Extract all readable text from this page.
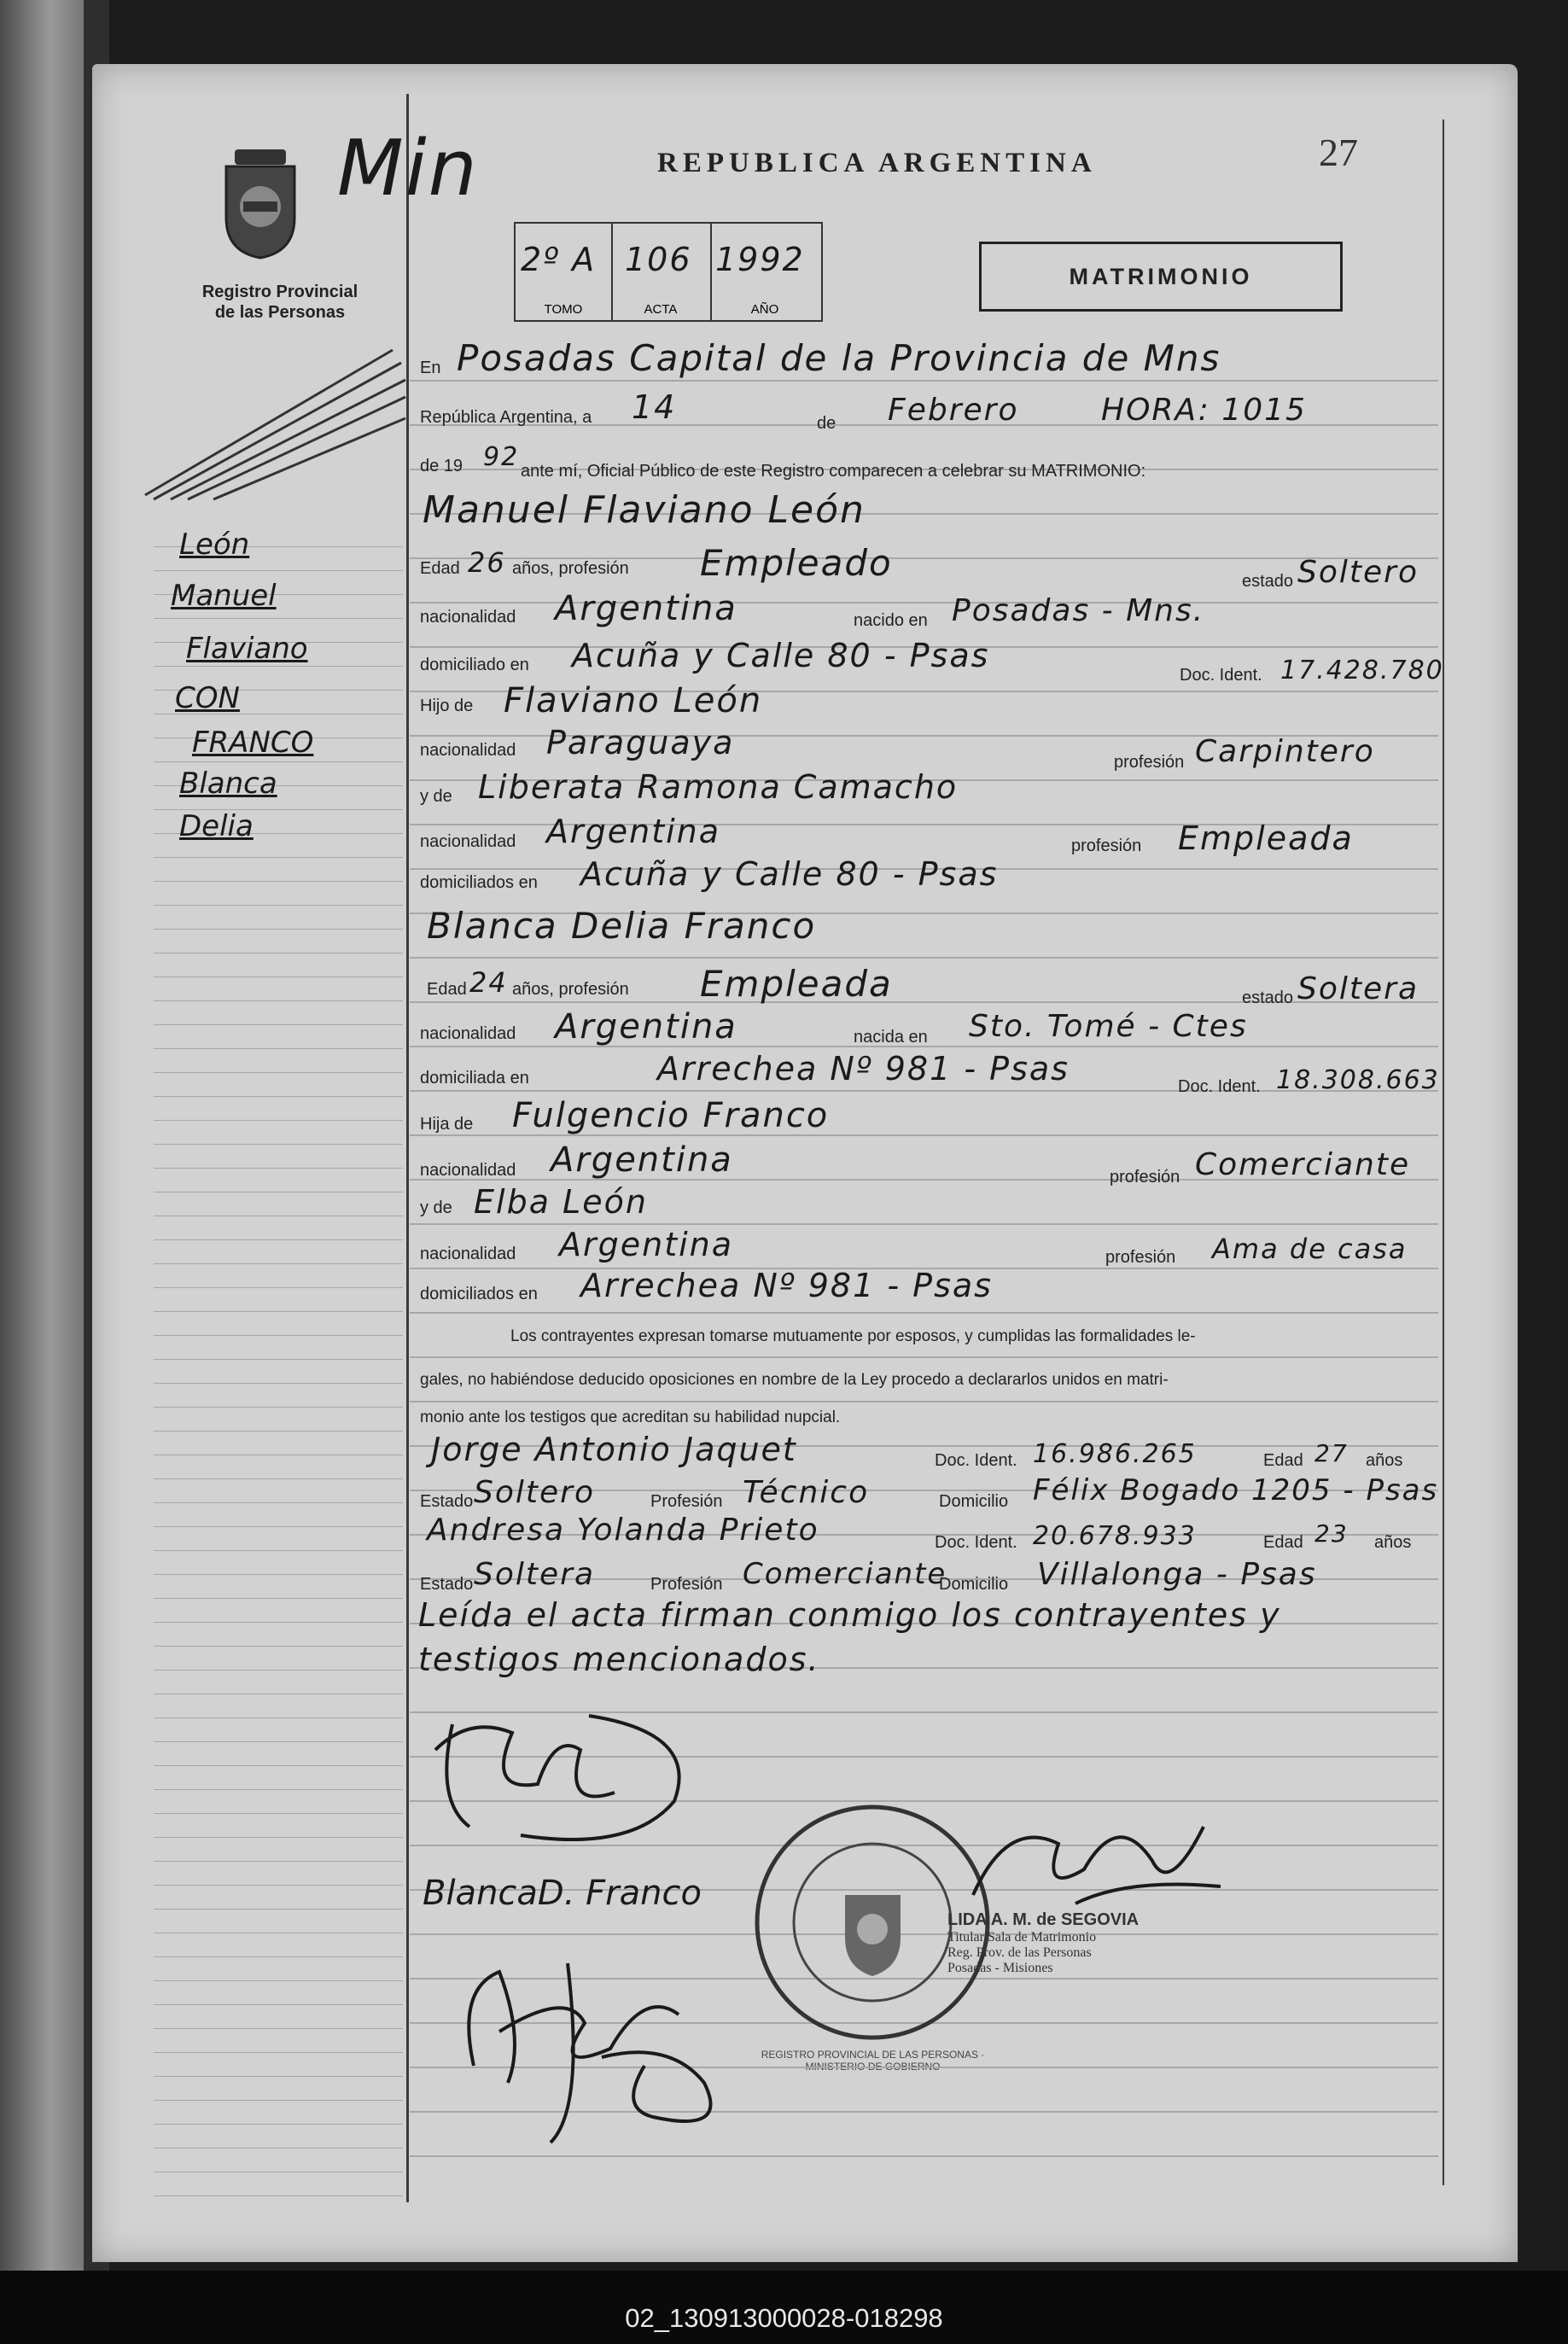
Registro Provincial
de las Personas
Min	REPUBLICA ARGENTINA	27
2º A
TOMO
106
ACTA
1992
AÑO
MATRIMONIO
León
Manuel
Flaviano
CON
FRANCO
Blanca
Delia
En Posadas Capital de la Provincia de Mns
República Argentina, a 14	de Febrero	HORA: 1015
de 19 92 ante mí, Oficial Público de este Registro comparecen a celebrar su MATRIMONIO:
Manuel Flaviano León
Edad 26 años, profesión Empleado	estado Soltero
nacionalidad Argentina	nacido en Posadas - Mns.
domiciliado en Acuña y Calle 80 - Psas
Doc. Ident. 17.428.780
Hijo de Flaviano León
nacionalidad Paraguaya
profesión Carpintero
y de Liberata Ramona Camacho
nacionalidad Argentina	profesión Empleada
domiciliados en Acuña y Calle 80 - Psas
Blanca Delia Franco
Edad 24 años, profesión Empleada	estado Soltera
nacionalidad Argentina	nacida en Sto. Tomé - Ctes
domiciliada en	Arrechea Nº 981 - Psas	Doc. Ident. 18.308.663
Hija de Fulgencio Franco
nacionalidad Argentina	profesión Comerciante
y de Elba León
nacionalidad Argentina	profesión Ama de casa
domiciliados en Arrechea Nº 981 - Psas
Los contrayentes expresan tomarse mutuamente por esposos, y cumplidas las formalidades le-
gales, no habiéndose deducido oposiciones en nombre de la Ley procedo a declararlos unidos en matri-
monio ante los testigos que acreditan su habilidad nupcial.
Jorge Antonio Jaquet	Doc. Ident. 16.986.265	Edad 27 años
Estado Soltero	Profesión Técnico	Domicilio Félix Bogado 1205 - Psas
Andresa Yolanda Prieto	Doc. Ident. 20.678.933	Edad 23 años
Estado Soltera	Profesión Comerciante
Domicilio Villalonga - Psas
Leída el acta firman conmigo los contrayentes y
testigos mencionados.
BlancaD. Franco
REGISTRO PROVINCIAL DE LAS PERSONAS ·
LIDA A. M. de SEGOVIA
Titular Sala de Matrimonio
Reg. Prov. de las Personas
Posadas - Misiones
02_130913000028-018298
